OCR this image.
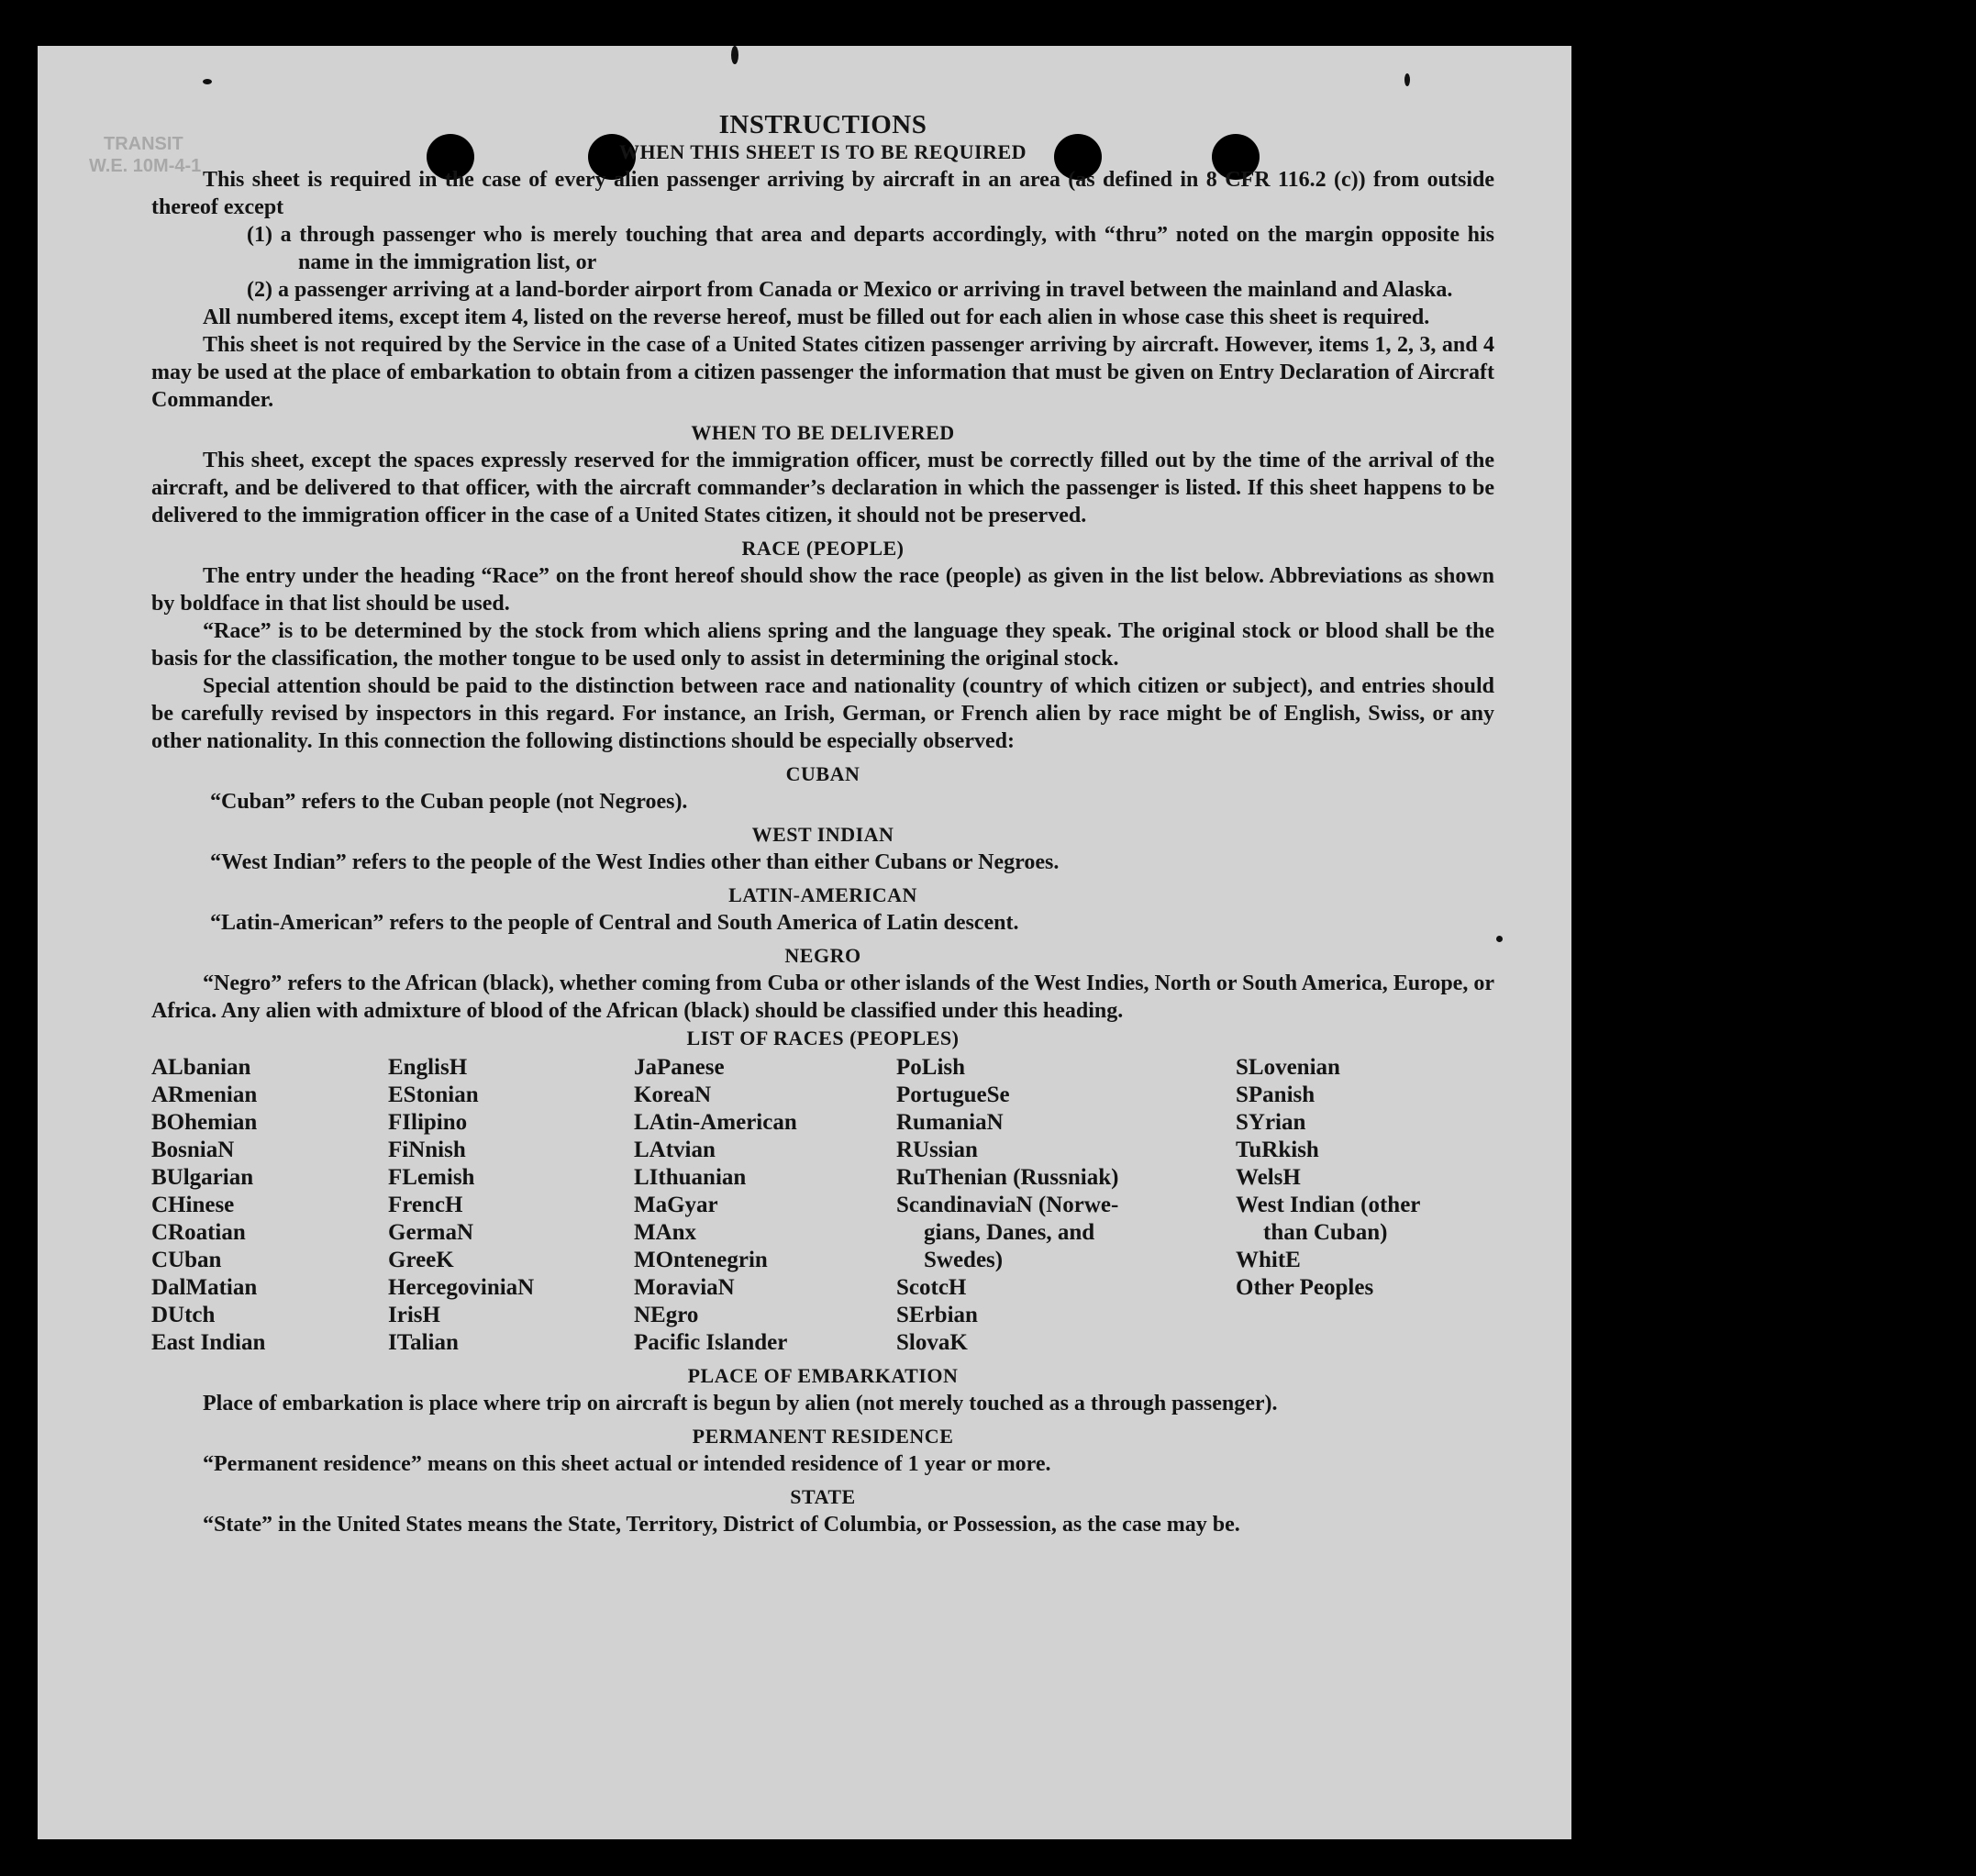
TRANSIT
W.E. 10M-4-1
INSTRUCTIONS
WHEN THIS SHEET IS TO BE REQUIRED

This sheet is required in the case of every alien passenger arriving by aircraft in an area (as defined in 8 CFR 116.2 (c)) from outside thereof except

(1) a through passenger who is merely touching that area and departs accordingly, with “thru” noted on the margin opposite his name in the immigration list, or

(2) a passenger arriving at a land-border airport from Canada or Mexico or arriving in travel between the mainland and Alaska.

All numbered items, except item 4, listed on the reverse hereof, must be filled out for each alien in whose case this sheet is required.

This sheet is not required by the Service in the case of a United States citizen passenger arriving by aircraft. However, items 1, 2, 3, and 4 may be used at the place of embarkation to obtain from a citizen passenger the information that must be given on Entry Declaration of Aircraft Commander.

WHEN TO BE DELIVERED

This sheet, except the spaces expressly reserved for the immigration officer, must be correctly filled out by the time of the arrival of the aircraft, and be delivered to that officer, with the aircraft commander’s declaration in which the passenger is listed. If this sheet happens to be delivered to the immigration officer in the case of a United States citizen, it should not be preserved.

RACE (PEOPLE)

The entry under the heading “Race” on the front hereof should show the race (people) as given in the list below. Abbreviations as shown by boldface in that list should be used.

“Race” is to be determined by the stock from which aliens spring and the language they speak. The original stock or blood shall be the basis for the classification, the mother tongue to be used only to assist in determining the original stock.

Special attention should be paid to the distinction between race and nationality (country of which citizen or subject), and entries should be carefully revised by inspectors in this regard. For instance, an Irish, German, or French alien by race might be of English, Swiss, or any other nationality. In this connection the following distinctions should be especially observed:

CUBAN

“Cuban” refers to the Cuban people (not Negroes).

WEST INDIAN

“West Indian” refers to the people of the West Indies other than either Cubans or Negroes.

LATIN-AMERICAN

“Latin-American” refers to the people of Central and South America of Latin descent.

NEGRO

“Negro” refers to the African (black), whether coming from Cuba or other islands of the West Indies, North or South America, Europe, or Africa. Any alien with admixture of blood of the African (black) should be classified under this heading.

LIST OF RACES (PEOPLES)
ALbanian
ARmenian
BOhemian
BosniaN
BUlgarian
CHinese
CRoatian
CUban
DalMatian
DUtch
East Indian
EnglisH
EStonian
FIlipino
FiNnish
FLemish
FrencH
GermaN
GreeK
HercegoviniaN
IrisH
ITalian
JaPanese
KoreaN
LAtin-American
LAtvian
LIthuanian
MaGyar
MAnx
MOntenegrin
MoraviaN
NEgro
Pacific Islander
PoLish
PortugueSe
RumaniaN
RUssian
RuThenian (Russniak)
ScandinaviaN (Norwe-
gians, Danes, and
Swedes)
ScotcH
SErbian
SlovaK
SLovenian
SPanish
SYrian
TuRkish
WelsH
West Indian (other
than Cuban)
WhitE
Other Peoples
PLACE OF EMBARKATION

Place of embarkation is place where trip on aircraft is begun by alien (not merely touched as a through passenger).

PERMANENT RESIDENCE

“Permanent residence” means on this sheet actual or intended residence of 1 year or more.

STATE

“State” in the United States means the State, Territory, District of Columbia, or Possession, as the case may be.
